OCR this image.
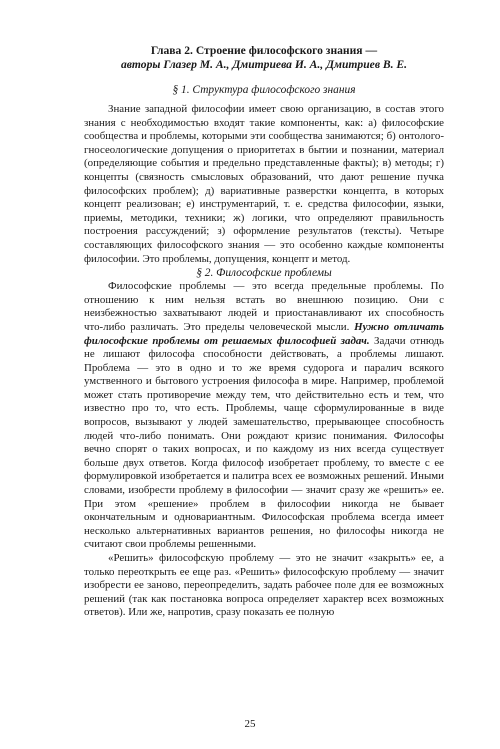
Глава 2. Строение философского знания —

авторы Глазер М. А., Дмитриева И. А., Дмитриев В. Е.

§ 1. Структура философского знания

Знание западной философии имеет свою организацию, в состав этого знания с необходимостью входят такие компоненты, как: а) философские сообщества и проблемы, которыми эти сообщества занимаются; б) онтолого-гносеологические допущения о приоритетах в бытии и познании, материал (определяющие события и предельно представленные факты); в) методы; г) концепты (связность смысловых образований, что дают решение пучка философских проблем); д) вариативные разверстки концепта, в которых концепт реализован; е) инструментарий, т. е. средства философии, языки, приемы, методики, техники; ж) логики, что определяют правильность построения рассуждений; з) оформление результатов (тексты). Четыре составляющих философского знания — это особенно каждые компоненты философии. Это проблемы, допущения, концепт и метод.

§ 2. Философские проблемы

Философские проблемы — это всегда предельные проблемы. По отношению к ним нельзя встать во внешнюю позицию. Они с неизбежностью захватывают людей и приостанавливают их способность что-либо различать. Это пределы человеческой мысли. Нужно отличать философские проблемы от решаемых философией задач. Задачи отнюдь не лишают философа способности действовать, а проблемы лишают. Проблема — это в одно и то же время судорога и паралич всякого умственного и бытового устроения философа в мире. Например, проблемой может стать противоречие между тем, что действительно есть и тем, что известно про то, что есть. Проблемы, чаще сформулированные в виде вопросов, вызывают у людей замешательство, прерывающее способность людей что-либо понимать. Они рождают кризис понимания. Философы вечно спорят о таких вопросах, и по каждому из них всегда существует больше двух ответов. Когда философ изобретает проблему, то вместе с ее формулировкой изобретается и палитра всех ее возможных решений. Иными словами, изобрести проблему в философии — значит сразу же «решить» ее. При этом «решение» проблем в философии никогда не бывает окончательным и одновариантным. Философская проблема всегда имеет несколько альтернативных вариантов решения, но философы никогда не считают свои проблемы решенными.

«Решить» философскую проблему — это не значит «закрыть» ее, а только переоткрыть ее еще раз. «Решить» философскую проблему — значит изобрести ее заново, переопределить, задать рабочее поле для ее возможных решений (так как постановка вопроса определяет характер всех возможных ответов). Или же, напротив, сразу показать ее полную

25
